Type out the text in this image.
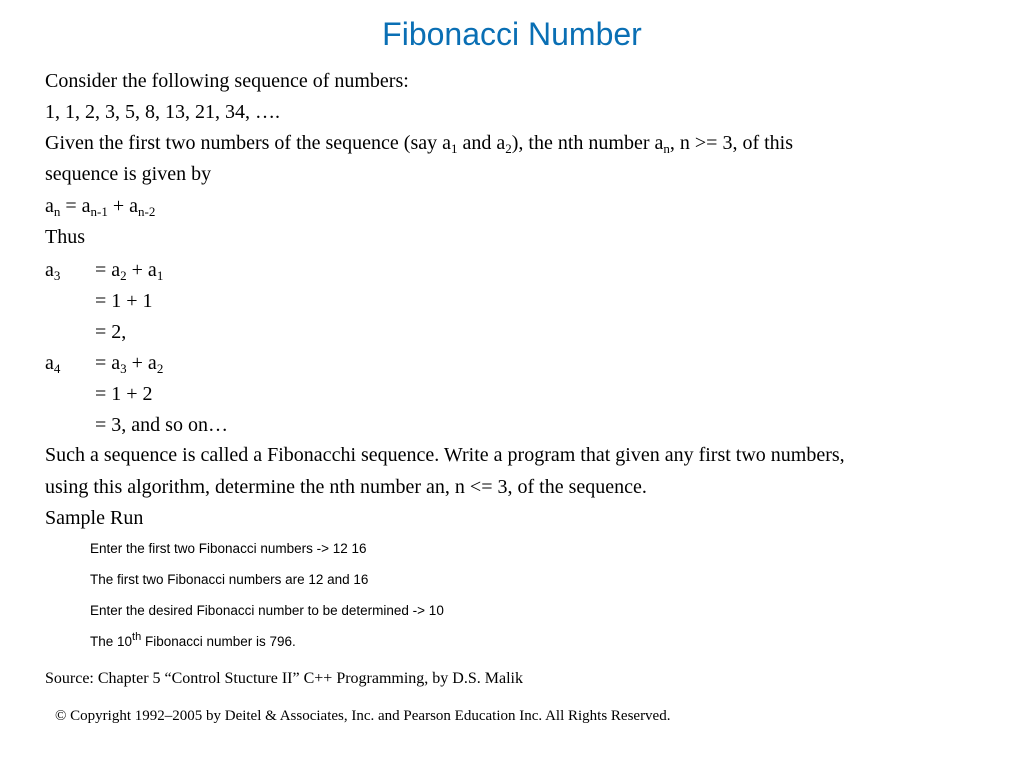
Fibonacci Number
Consider the following sequence of numbers:
1, 1, 2, 3, 5, 8, 13, 21, 34, ….
Given the first two numbers of the sequence (say $a_1$ and $a_2$), the nth number $a_n$, n >= 3, of this
sequence is given by
$a_n = a_{n-1} + a_{n-2}$
Thus
$a_3 = a_2 + a_1$
= 1 + 1
= 2,
$a_4 = a_3 + a_2$
= 1 + 2
= 3, and so on…
Such a sequence is called a Fibonacchi sequence. Write a program that given any first two numbers,
using this algorithm, determine the nth number an, n <= 3, of the sequence.
Sample Run
Enter the first two Fibonacci numbers -> 12 16
The first two Fibonacci numbers are 12 and 16
Enter the desired Fibonacci number to be determined -> 10
The 10th Fibonacci number is 796.
Source: Chapter 5 “Control Stucture II” C++ Programming, by D.S. Malik
© Copyright 1992–2005 by Deitel & Associates, Inc. and Pearson Education Inc. All Rights Reserved.
